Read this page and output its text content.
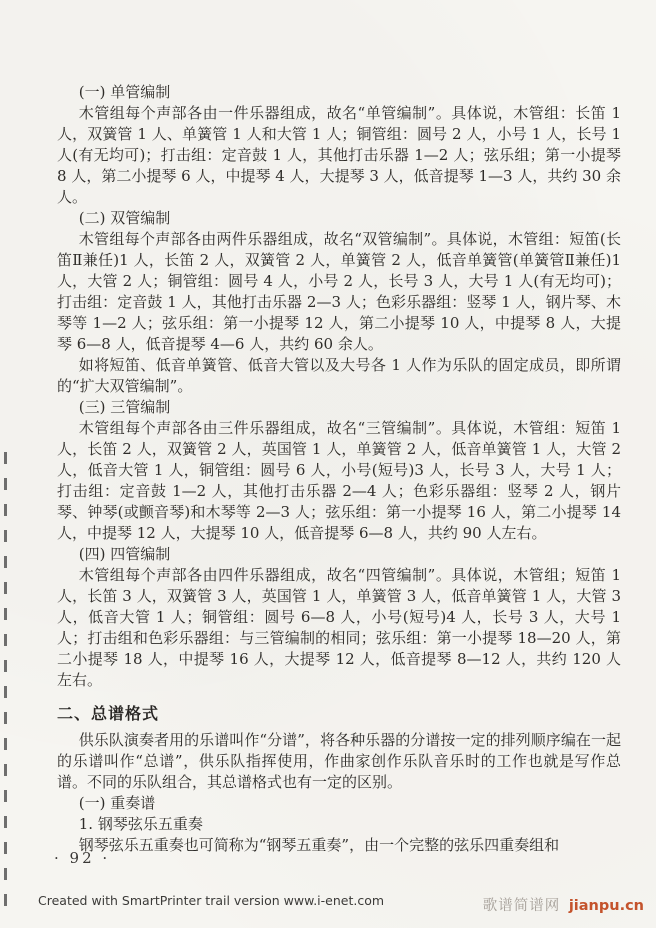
(一) 单管编制

木管组每个声部各由一件乐器组成，故名“单管编制”。具体说，木管组：长笛 1 人，双簧管 1 人、单簧管 1 人和大管 1 人；铜管组：圆号 2 人，小号 1 人，长号 1 人(有无均可)；打击组：定音鼓 1 人，其他打击乐器 1—2 人；弦乐组；第一小提琴 8 人，第二小提琴 6 人，中提琴 4 人，大提琴 3 人，低音提琴 1—3 人，共约 30 余人。

(二) 双管编制

木管组每个声部各由两件乐器组成，故名“双管编制”。具体说，木管组：短笛(长笛Ⅱ兼任)1 人，长笛 2 人，双簧管 2 人，单簧管 2 人，低音单簧管(单簧管Ⅱ兼任)1 人，大管 2 人；铜管组：圆号 4 人，小号 2 人，长号 3 人，大号 1 人(有无均可)；打击组：定音鼓 1 人，其他打击乐器 2—3 人；色彩乐器组：竖琴 1 人，钢片琴、木琴等 1—2 人；弦乐组：第一小提琴 12 人，第二小提琴 10 人，中提琴 8 人，大提琴 6—8 人，低音提琴 4—6 人，共约 60 余人。

如将短笛、低音单簧管、低音大管以及大号各 1 人作为乐队的固定成员，即所谓的“扩大双管编制”。

(三) 三管编制

木管组每个声部各由三件乐器组成，故名“三管编制”。具体说，木管组：短笛 1 人，长笛 2 人，双簧管 2 人，英国管 1 人，单簧管 2 人，低音单簧管 1 人，大管 2 人，低音大管 1 人，铜管组：圆号 6 人，小号(短号)3 人，长号 3 人，大号 1 人；打击组：定音鼓 1—2 人，其他打击乐器 2—4 人；色彩乐器组：竖琴 2 人，钢片琴、钟琴(或颤音琴)和木琴等 2—3 人；弦乐组：第一小提琴 16 人，第二小提琴 14 人，中提琴 12 人，大提琴 10 人，低音提琴 6—8 人，共约 90 人左右。

(四) 四管编制

木管组每个声部各由四件乐器组成，故名“四管编制”。具体说，木管组；短笛 1 人，长笛 3 人，双簧管 3 人，英国管 1 人，单簧管 3 人，低音单簧管 1 人，大管 3 人，低音大管 1 人；铜管组：圆号 6—8 人，小号(短号)4 人，长号 3 人，大号 1 人；打击组和色彩乐器组：与三管编制的相同；弦乐组：第一小提琴 18—20 人，第二小提琴 18 人，中提琴 16 人，大提琴 12 人，低音提琴 8—12 人，共约 120 人左右。

二、总谱格式

供乐队演奏者用的乐谱叫作“分谱”，将各种乐器的分谱按一定的排列顺序编在一起的乐谱叫作“总谱”，供乐队指挥使用，作曲家创作乐队音乐时的工作也就是写作总谱。不同的乐队组合，其总谱格式也有一定的区别。

(一) 重奏谱

1. 钢琴弦乐五重奏

钢琴弦乐五重奏也可简称为“钢琴五重奏”，由一个完整的弦乐四重奏组和

· 92 ·
Created with SmartPrinter trail version www.i-enet.com	歌谱简谱网 jianpu.cn
